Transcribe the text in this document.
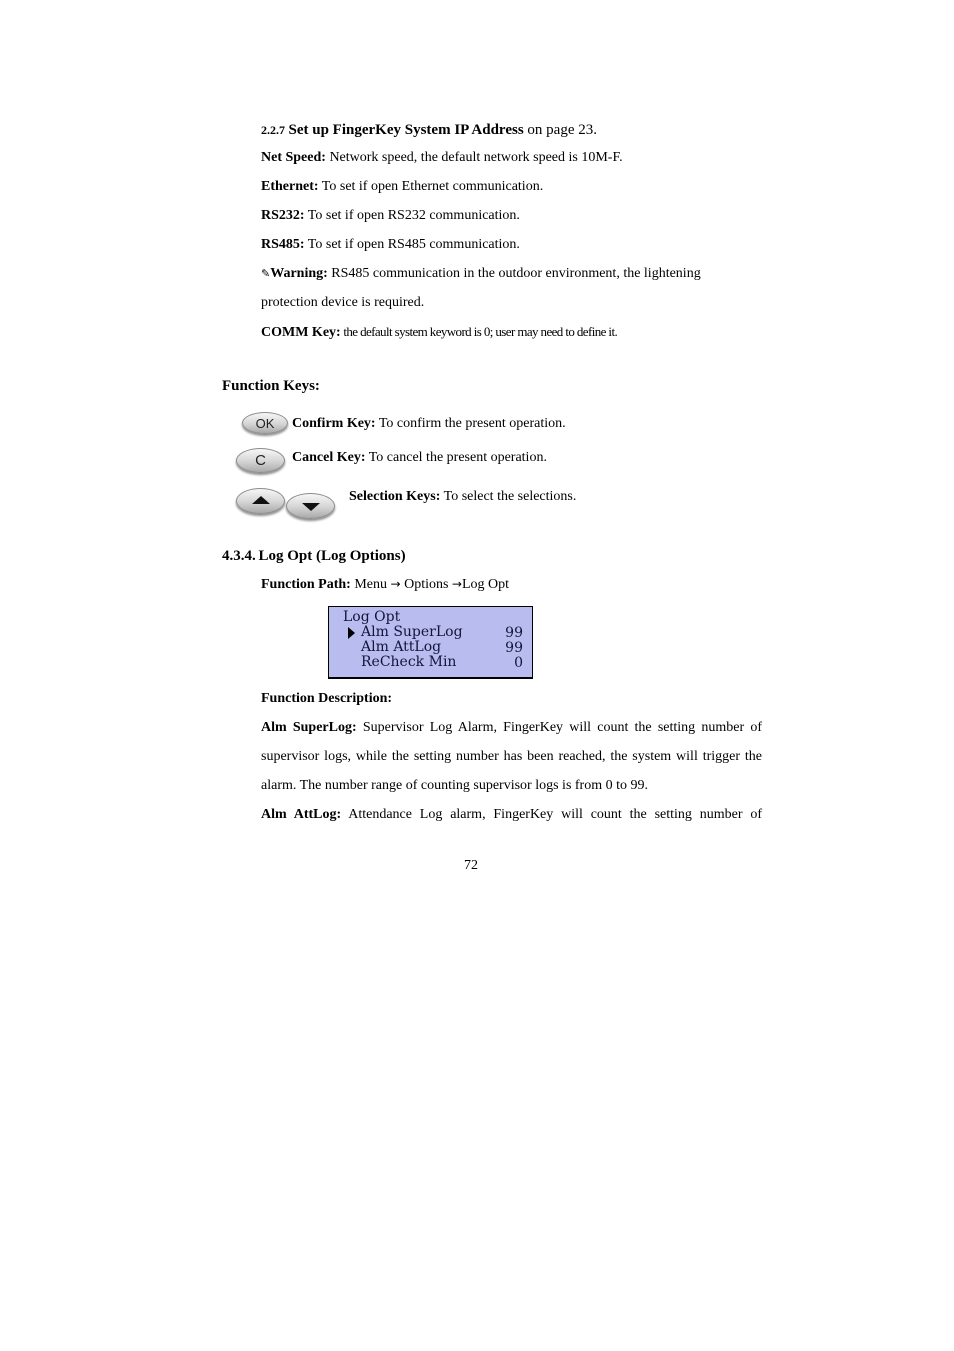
2.2.7 Set up FingerKey System IP Address on page 23.
Net Speed: Network speed, the default network speed is 10M-F.
Ethernet: To set if open Ethernet communication.
RS232: To set if open RS232 communication.
RS485: To set if open RS485 communication.
✎Warning: RS485 communication in the outdoor environment, the lightening
protection device is required.
COMM Key: the default system keyword is 0; user may need to define it.
Function Keys:
OK	Confirm Key: To confirm the present operation.
C	Cancel Key: To cancel the present operation.
Selection Keys: To select the selections.
4.3.4. Log Opt (Log Options)
Function Path: Menu → Options →Log Opt
Log Opt
Alm SuperLog	99
Alm AttLog	99
ReCheck Min	0
Function Description:
Alm SuperLog: Supervisor Log Alarm, FingerKey will count the setting number of
supervisor logs, while the setting number has been reached, the system will trigger the
alarm. The number range of counting supervisor logs is from 0 to 99.
Alm AttLog: Attendance Log alarm, FingerKey will count the setting number of
72
